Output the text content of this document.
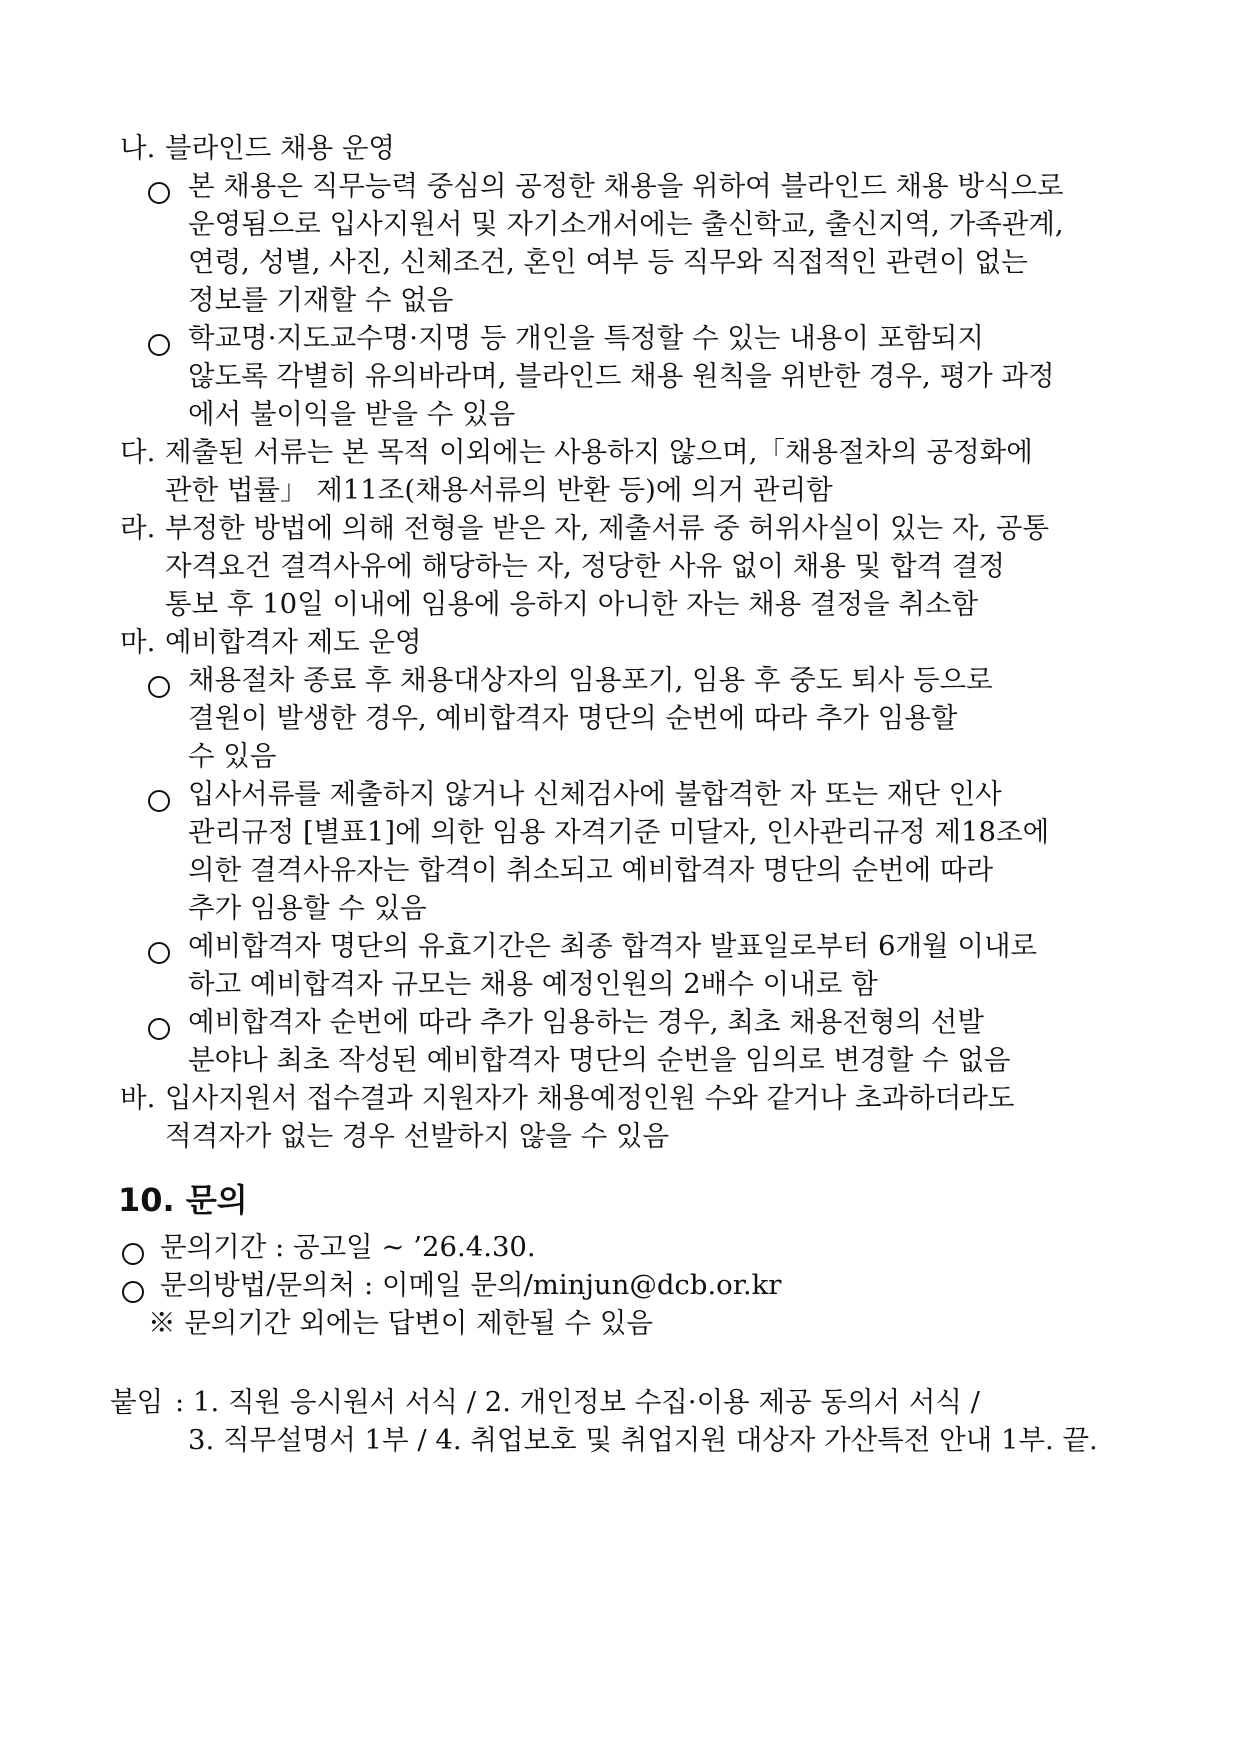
나. 블라인드 채용 운영
본 채용은 직무능력 중심의 공정한 채용을 위하여 블라인드 채용 방식으로
운영됨으로 입사지원서 및 자기소개서에는 출신학교, 출신지역, 가족관계,
연령, 성별, 사진, 신체조건, 혼인 여부 등 직무와 직접적인 관련이 없는
정보를 기재할 수 없음
학교명·지도교수명·지명 등 개인을 특정할 수 있는 내용이 포함되지
않도록 각별히 유의바라며, 블라인드 채용 원칙을 위반한 경우, 평가 과정
에서 불이익을 받을 수 있음
다. 제출된 서류는 본 목적 이외에는 사용하지 않으며,「채용절차의 공정화에
관한 법률」 제11조(채용서류의 반환 등)에 의거 관리함
라. 부정한 방법에 의해 전형을 받은 자, 제출서류 중 허위사실이 있는 자, 공통
자격요건 결격사유에 해당하는 자, 정당한 사유 없이 채용 및 합격 결정
통보 후 10일 이내에 임용에 응하지 아니한 자는 채용 결정을 취소함
마. 예비합격자 제도 운영
채용절차 종료 후 채용대상자의 임용포기, 임용 후 중도 퇴사 등으로
결원이 발생한 경우, 예비합격자 명단의 순번에 따라 추가 임용할
수 있음
입사서류를 제출하지 않거나 신체검사에 불합격한 자 또는 재단 인사
관리규정 [별표1]에 의한 임용 자격기준 미달자, 인사관리규정 제18조에
의한 결격사유자는 합격이 취소되고 예비합격자 명단의 순번에 따라
추가 임용할 수 있음
예비합격자 명단의 유효기간은 최종 합격자 발표일로부터 6개월 이내로
하고 예비합격자 규모는 채용 예정인원의 2배수 이내로 함
예비합격자 순번에 따라 추가 임용하는 경우, 최초 채용전형의 선발
분야나 최초 작성된 예비합격자 명단의 순번을 임의로 변경할 수 없음
바. 입사지원서 접수결과 지원자가 채용예정인원 수와 같거나 초과하더라도
적격자가 없는 경우 선발하지 않을 수 있음
10. 문의
문의기간 : 공고일 ~ ’26.4.30.
문의방법/문의처 : 이메일 문의/minjun@dcb.or.kr
※ 문의기간 외에는 답변이 제한될 수 있음
붙임 : 1. 직원 응시원서 서식 / 2. 개인정보 수집·이용 제공 동의서 서식 /
3. 직무설명서 1부 / 4. 취업보호 및 취업지원 대상자 가산특전 안내 1부. 끝.
